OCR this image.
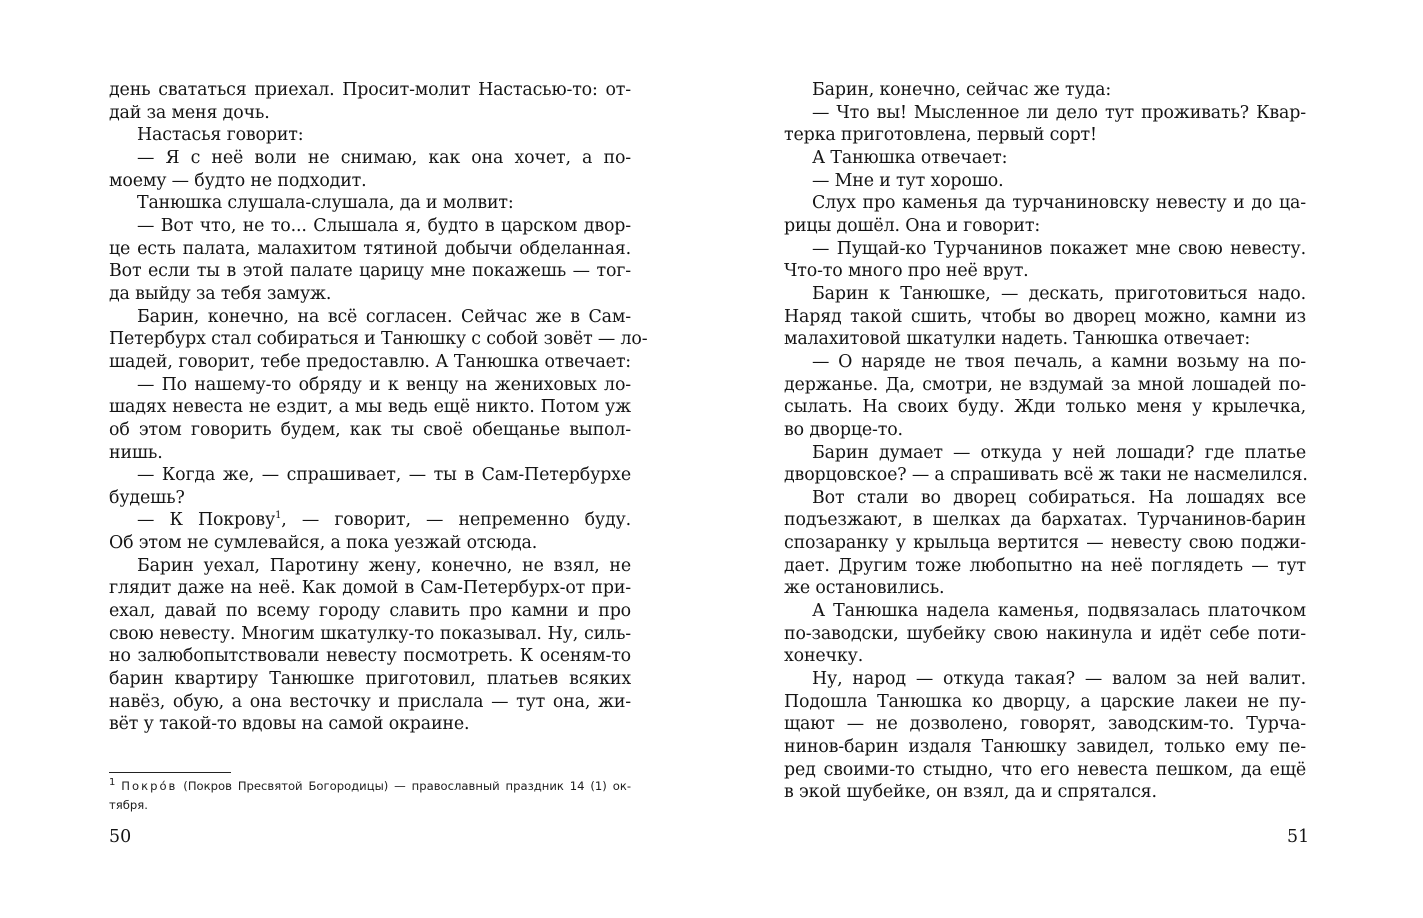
день свататься приехал. Просит-молит Настасью-то: от-
дай за меня дочь.
Настасья говорит:
— Я с неё воли не снимаю, как она хочет, а по-
моему — будто не подходит.
Танюшка слушала-слушала, да и молвит:
— Вот что, не то... Слышала я, будто в царском двор-
це есть палата, малахитом тятиной добычи обделанная.
Вот если ты в этой палате царицу мне покажешь — тог-
да выйду за тебя замуж.
Барин, конечно, на всё согласен. Сейчас же в Сам-
Петербурх стал собираться и Танюшку с собой зовёт — ло-
шадей, говорит, тебе предоставлю. А Танюшка отвечает:
— По нашему-то обряду и к венцу на жениховых ло-
шадях невеста не ездит, а мы ведь ещё никто. Потом уж
об этом говорить будем, как ты своё обещанье выпол-
нишь.
— Когда же, — спрашивает, — ты в Сам-Петербурхе
будешь?
— К Покрову$^1$, — говорит, — непременно буду.
Об этом не сумлевайся, а пока уезжай отсюда.
Барин уехал, Паротину жену, конечно, не взял, не
глядит даже на неё. Как домой в Сам-Петербурх-от при-
ехал, давай по всему городу славить про камни и про
свою невесту. Многим шкатулку-то показывал. Ну, силь-
но залюбопытствовали невесту посмотреть. К осеням-то
барин квартиру Танюшке приготовил, платьев всяких
навёз, обую, а она весточку и прислала — тут она, жи-
вёт у такой-то вдовы на самой окраине.
$^1$ Покро́в (Покров Пресвятой Богородицы) — православный праздник 14 (1) ок-
тября.
50
Барин, конечно, сейчас же туда:
— Что вы! Мысленное ли дело тут проживать? Квар-
терка приготовлена, первый сорт!
А Танюшка отвечает:
— Мне и тут хорошо.
Слух про каменья да турчаниновску невесту и до ца-
рицы дошёл. Она и говорит:
— Пущай-ко Турчанинов покажет мне свою невесту.
Что-то много про неё врут.
Барин к Танюшке, — дескать, приготовиться надо.
Наряд такой сшить, чтобы во дворец можно, камни из
малахитовой шкатулки надеть. Танюшка отвечает:
— О наряде не твоя печаль, а камни возьму на по-
держанье. Да, смотри, не вздумай за мной лошадей по-
сылать. На своих буду. Жди только меня у крылечка,
во дворце-то.
Барин думает — откуда у ней лошади? где платье
дворцовское? — а спрашивать всё ж таки не насмелился.
Вот стали во дворец собираться. На лошадях все
подъезжают, в шелках да бархатах. Турчанинов-барин
спозаранку у крыльца вертится — невесту свою поджи-
дает. Другим тоже любопытно на неё поглядеть — тут
же остановились.
А Танюшка надела каменья, подвязалась платочком
по-заводски, шубейку свою накинула и идёт себе поти-
хонечку.
Ну, народ — откуда такая? — валом за ней валит.
Подошла Танюшка ко дворцу, а царские лакеи не пу-
щают — не дозволено, говорят, заводским-то. Турча-
нинов-барин издаля Танюшку завидел, только ему пе-
ред своими-то стыдно, что его невеста пешком, да ещё
в экой шубейке, он взял, да и спрятался.
51
